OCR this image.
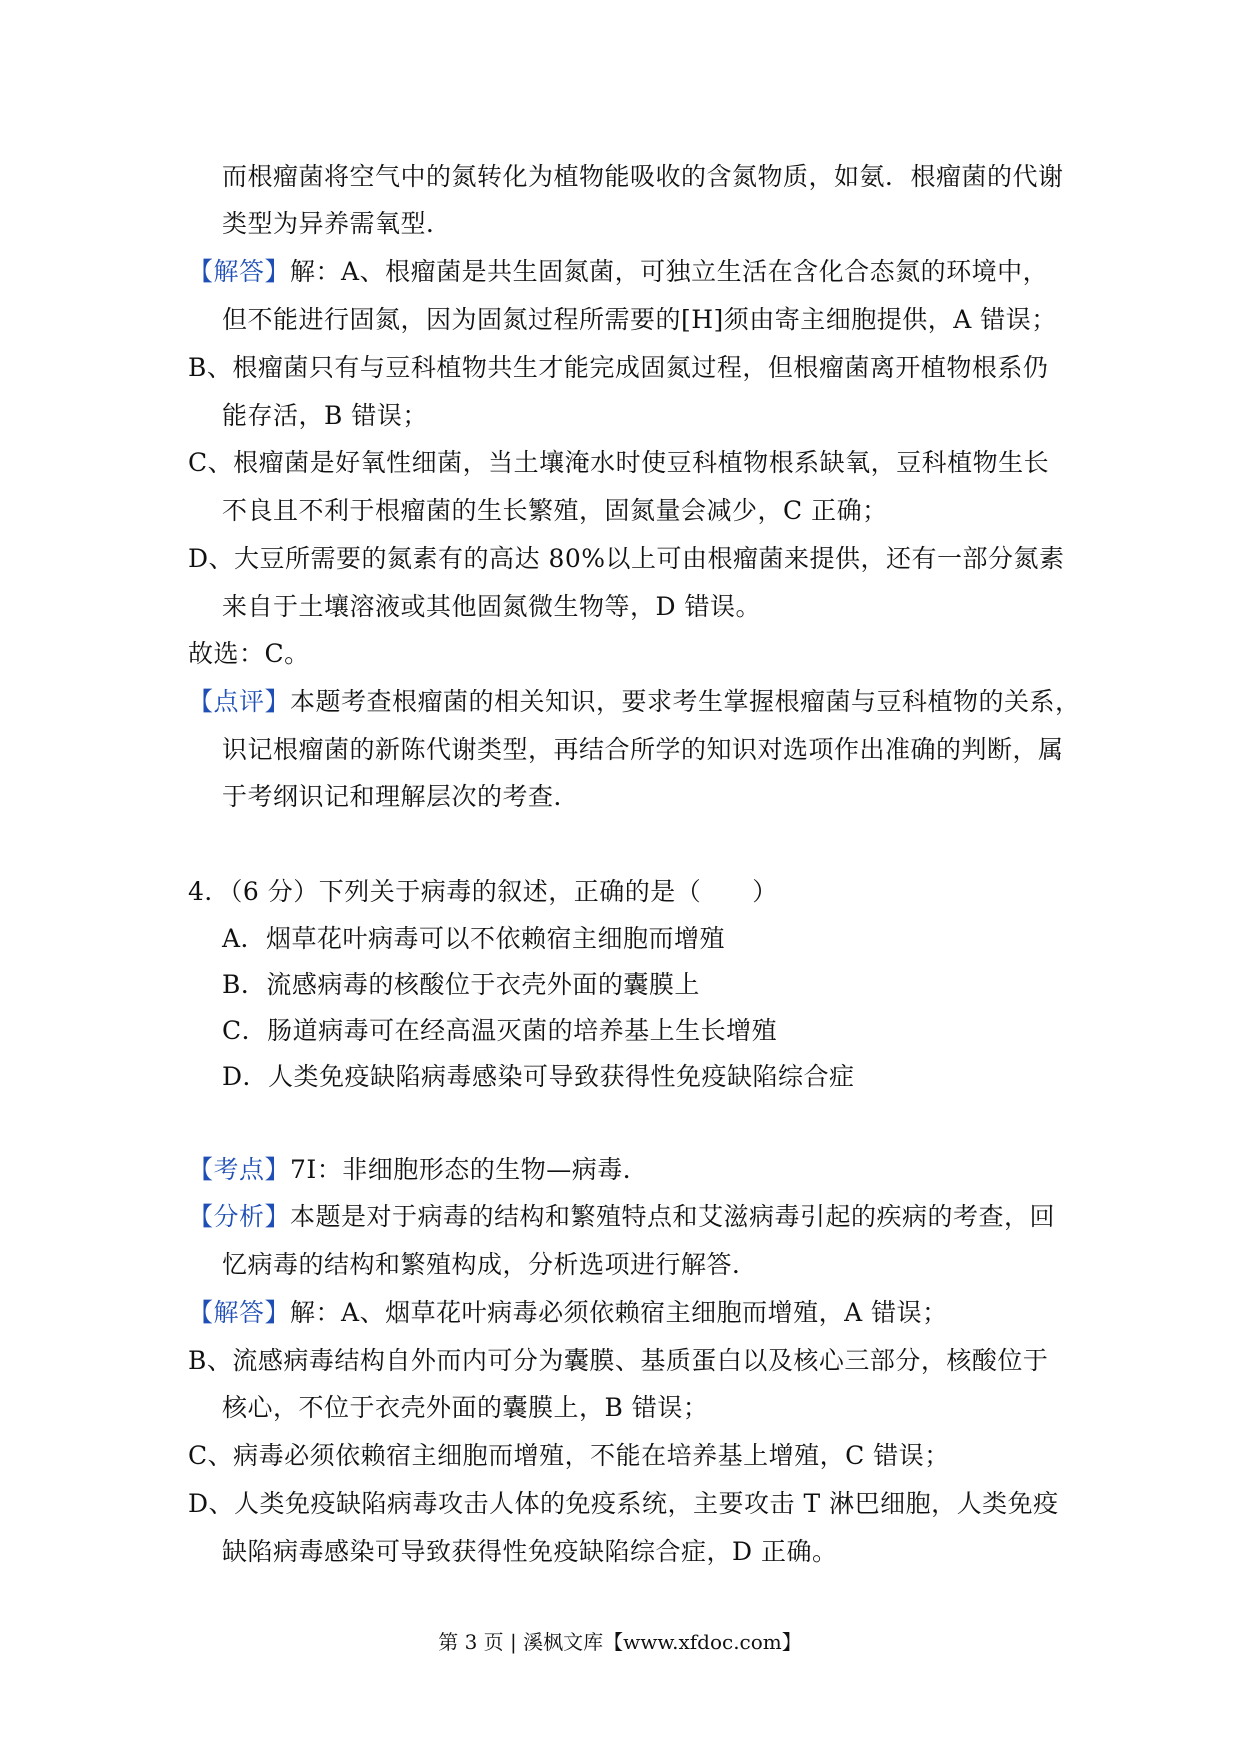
而根瘤菌将空气中的氮转化为植物能吸收的含氮物质，如氨．根瘤菌的代谢
类型为异养需氧型．
【解答】解：A、根瘤菌是共生固氮菌，可独立生活在含化合态氮的环境中，
但不能进行固氮，因为固氮过程所需要的[H]须由寄主细胞提供，A 错误；
B、根瘤菌只有与豆科植物共生才能完成固氮过程，但根瘤菌离开植物根系仍
能存活，B 错误；
C、根瘤菌是好氧性细菌，当土壤淹水时使豆科植物根系缺氧，豆科植物生长
不良且不利于根瘤菌的生长繁殖，固氮量会减少，C 正确；
D、大豆所需要的氮素有的高达 80%以上可由根瘤菌来提供，还有一部分氮素
来自于土壤溶液或其他固氮微生物等，D 错误。
故选：C。
【点评】本题考查根瘤菌的相关知识，要求考生掌握根瘤菌与豆科植物的关系，
识记根瘤菌的新陈代谢类型，再结合所学的知识对选项作出准确的判断，属
于考纲识记和理解层次的考查．
4．（6 分）下列关于病毒的叙述，正确的是（　　）
A．烟草花叶病毒可以不依赖宿主细胞而增殖
B．流感病毒的核酸位于衣壳外面的囊膜上
C．肠道病毒可在经高温灭菌的培养基上生长增殖
D．人类免疫缺陷病毒感染可导致获得性免疫缺陷综合症
【考点】7I：非细胞形态的生物—病毒．
【分析】本题是对于病毒的结构和繁殖特点和艾滋病毒引起的疾病的考查，回
忆病毒的结构和繁殖构成，分析选项进行解答．
【解答】解：A、烟草花叶病毒必须依赖宿主细胞而增殖，A 错误；
B、流感病毒结构自外而内可分为囊膜、基质蛋白以及核心三部分，核酸位于
核心，不位于衣壳外面的囊膜上，B 错误；
C、病毒必须依赖宿主细胞而增殖，不能在培养基上增殖，C 错误；
D、人类免疫缺陷病毒攻击人体的免疫系统，主要攻击 T 淋巴细胞，人类免疫
缺陷病毒感染可导致获得性免疫缺陷综合症，D 正确。
第 3 页 | 溪枫文库【www.xfdoc.com】
